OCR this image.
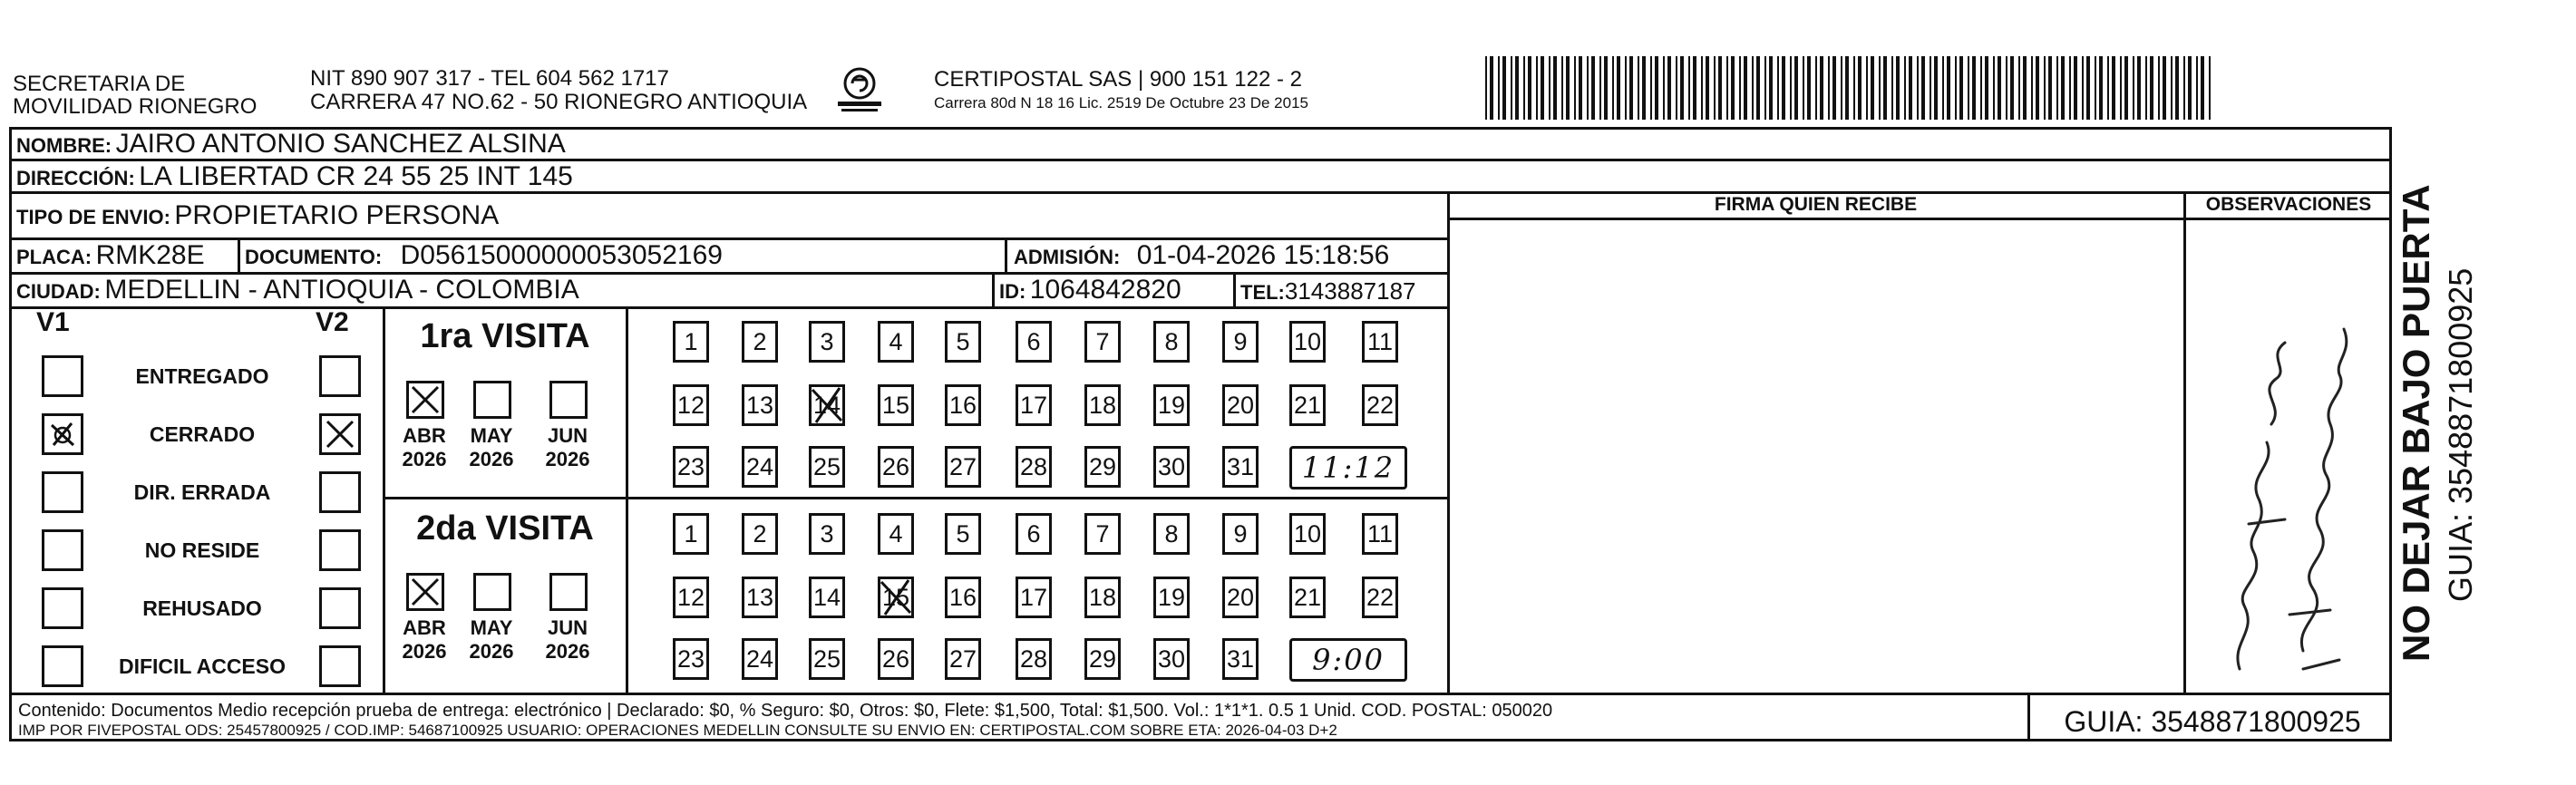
SECRETARIA DE
MOVILIDAD RIONEGRO
NIT 890 907 317 - TEL 604 562 1717
CARRERA 47 NO.62 - 50 RIONEGRO ANTIOQUIA
CERTIPOSTAL SAS | 900 151 122 - 2
Carrera 80d N 18 16 Lic. 2519 De Octubre 23 De 2015
NOMBRE: JAIRO ANTONIO SANCHEZ ALSINA
DIRECCIÓN: LA LIBERTAD CR 24 55 25 INT 145
TIPO DE ENVIO: PROPIETARIO PERSONA
PLACA: RMK28E DOCUMENTO: D05615000000053052169	ADMISIÓN: 01-04-2026 15:18:56
CIUDAD: MEDELLIN - ANTIOQUIA - COLOMBIA	ID: 1064842820	TEL:3143887187
FIRMA QUIEN RECIBE	OBSERVACIONES
V1	V2
ENTREGADO
CERRADO
DIR. ERRADA
NO RESIDE
REHUSADO
DIFICIL ACCESO
1ra VISITA
ABR
2026
MAY
2026
JUN
2026
1	2	3	4	5	6	7	8	9	10 11
12 13 14 15 16 17 18 19 20 21 22
23 24 25 26 27 28 29 30 31	11:12
2da VISITA
ABR
2026
MAY
2026
JUN
2026
1	2	3	4	5	6	7	8	9	10 11
12 13 14 15 16 17 18 19 20 21 22
23 24 25 26 27 28 29 30 31	9:00	NO DEJAR BAJO PUERTA GUIA: 3548871800925
Contenido: Documentos Medio recepción prueba de entrega: electrónico | Declarado: $0, % Seguro: $0, Otros: $0, Flete: $1,500, Total: $1,500. Vol.: 1*1*1. 0.5 1 Unid. COD. POSTAL: 050020
IMP POR FIVEPOSTAL ODS: 25457800925 / COD.IMP: 54687100925 USUARIO: OPERACIONES MEDELLIN CONSULTE SU ENVIO EN: CERTIPOSTAL.COM SOBRE ETA: 2026-04-03 D+2	GUIA: 3548871800925
